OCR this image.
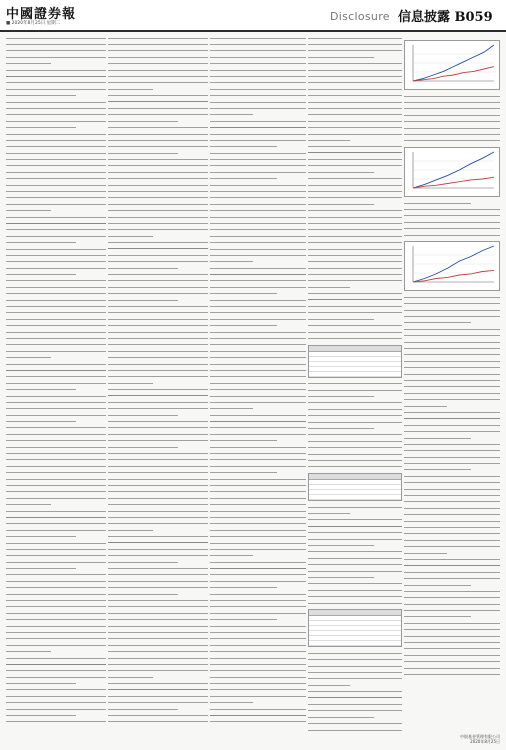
中國證券報
■ 2020年8月25日 星期二
Disclosure 信息披露 B059
中银基金管理有限公司
2020年8月25日
